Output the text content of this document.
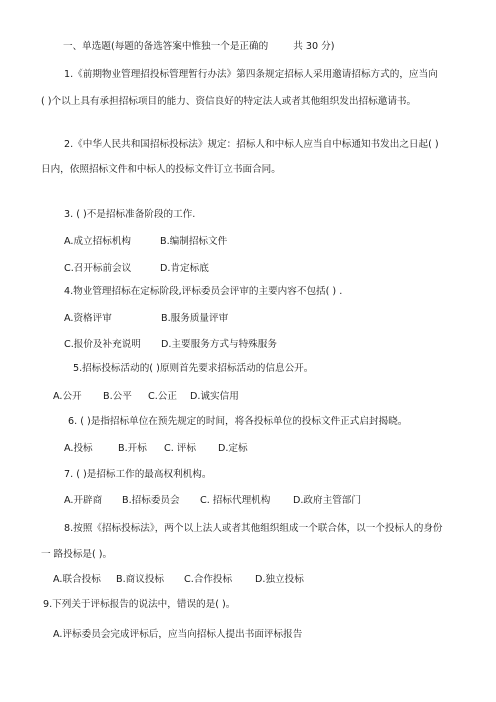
一、单选题(每题的备选答案中惟独一个是正确的	共 30 分)
1.《前期物业管理招投标管理暂行办法》第四条规定招标人采用邀请招标方式的，应当向
( )个以上具有承担招标项目的能力、资信良好的特定法人或者其他组织发出招标邀请书。
2.《中华人民共和国招标投标法》规定：招标人和中标人应当自中标通知书发出之日起( )
日内，依照招标文件和中标人的投标文件订立书面合同。
3. ( )不是招标准备阶段的工作.
A.成立招标机构	B.编制招标文件
C.召开标前会议	D.肯定标底
4.物业管理招标在定标阶段,评标委员会评审的主要内容不包括( ) .
A.资格评审	B.服务质量评审
C.报价及补充说明 D.主要服务方式与特殊服务
5.招标投标活动的( )原则首先要求招标活动的信息公开。
A.公开 B.公平 C.公正 D.诚实信用
6. ( )是指招标单位在预先规定的时间，将各投标单位的投标文件正式启封揭晓。
A.投标	B.开标 C. 评标 D.定标
7. ( )是招标工作的最高权利机构。
A.开辟商 B.招标委员会 C. 招标代理机构 D.政府主管部门
8.按照《招标投标法》，两个以上法人或者其他组织组成一个联合体，以一个投标人的身份
一 路投标是( )。
A.联合投标 B.商议投标 C.合作投标 D.独立投标
9.下列关于评标报告的说法中，错误的是( )。
A.评标委员会完成评标后，应当向招标人提出书面评标报告
